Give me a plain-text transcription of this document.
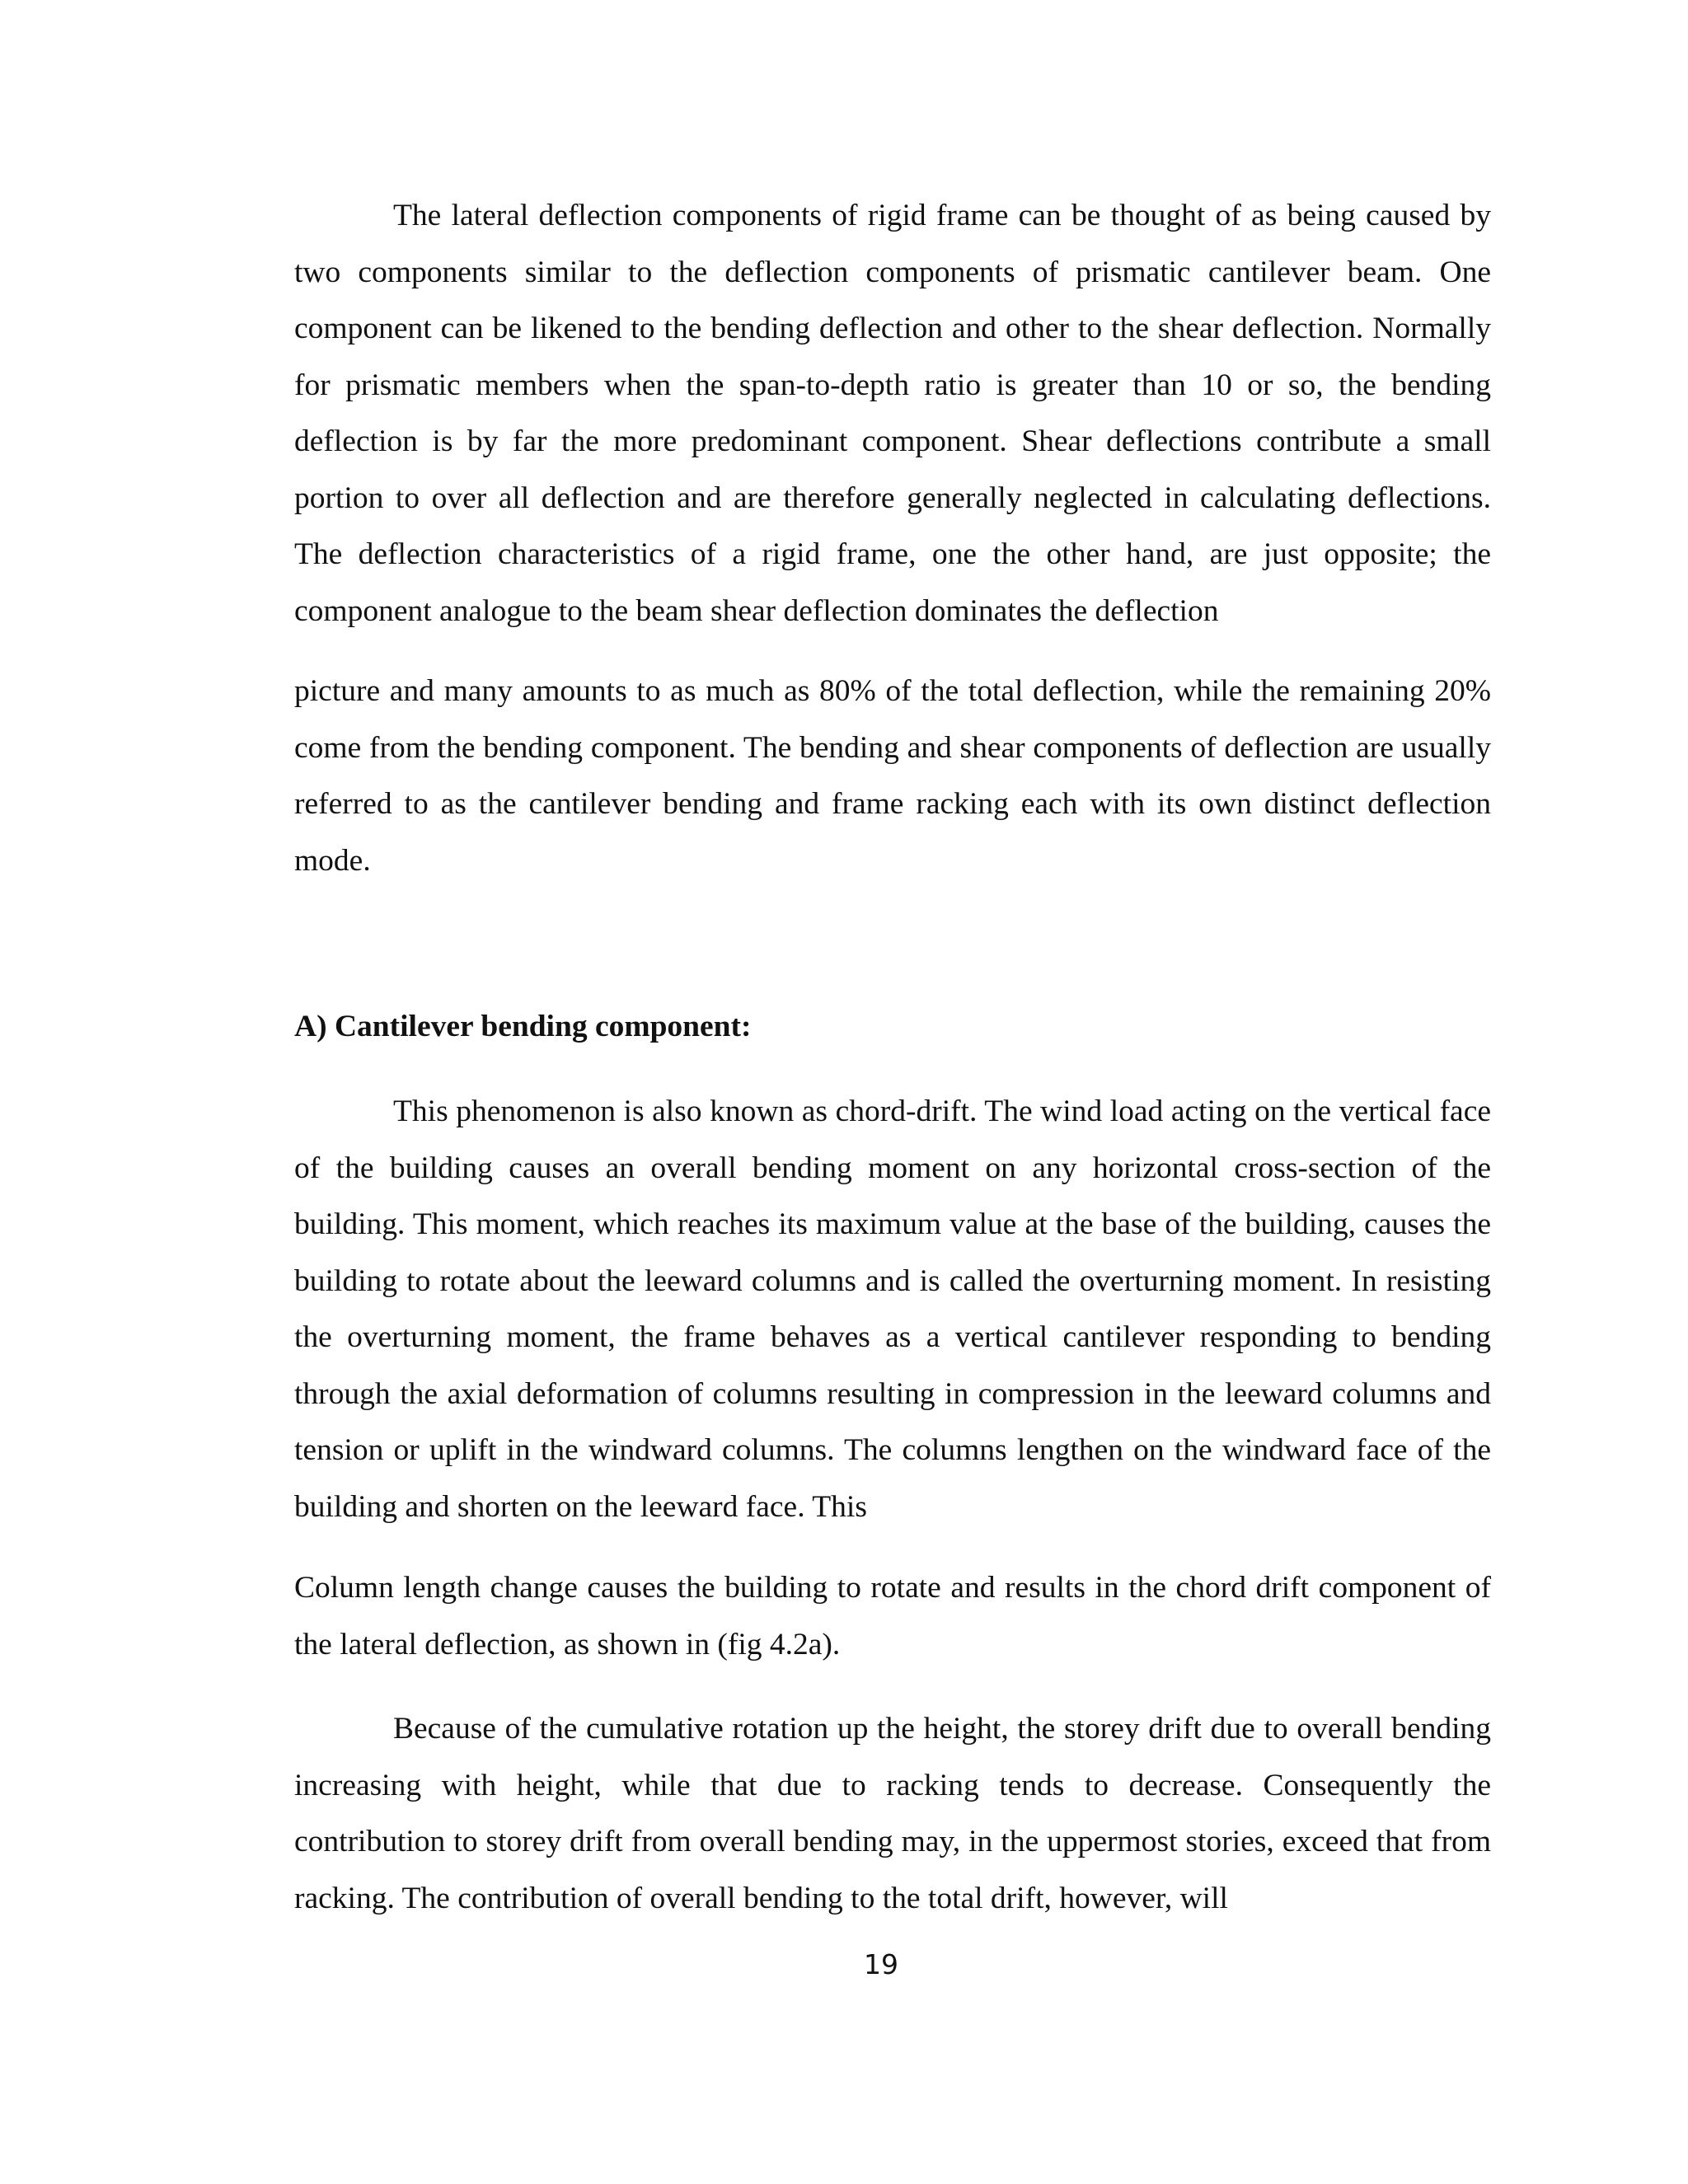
The lateral deflection components of rigid frame can be thought of as being caused by two components similar to the deflection components of prismatic cantilever beam. One component can be likened to the bending deflection and other to the shear deflection. Normally for prismatic members when the span-to-depth ratio is greater than 10 or so, the bending deflection is by far the more predominant component. Shear deflections contribute a small portion to over all deflection and are therefore generally neglected in calculating deflections. The deflection characteristics of a rigid frame, one the other hand, are just opposite; the component analogue to the beam shear deflection dominates the deflection

picture and many amounts to as much as 80% of the total deflection, while the remaining 20% come from the bending component. The bending and shear components of deflection are usually referred to as the cantilever bending and frame racking each with its own distinct deflection mode.

A) Cantilever bending component:

This phenomenon is also known as chord-drift. The wind load acting on the vertical face of the building causes an overall bending moment on any horizontal cross-section of the building. This moment, which reaches its maximum value at the base of the building, causes the building to rotate about the leeward columns and is called the overturning moment. In resisting the overturning moment, the frame behaves as a vertical cantilever responding to bending through the axial deformation of columns resulting in compression in the leeward columns and tension or uplift in the windward columns. The columns lengthen on the windward face of the building and shorten on the leeward face. This

Column length change causes the building to rotate and results in the chord drift component of the lateral deflection, as shown in (fig 4.2a).

Because of the cumulative rotation up the height, the storey drift due to overall bending increasing with height, while that due to racking tends to decrease. Consequently the contribution to storey drift from overall bending may, in the uppermost stories, exceed that from racking. The contribution of overall bending to the total drift, however, will

19
